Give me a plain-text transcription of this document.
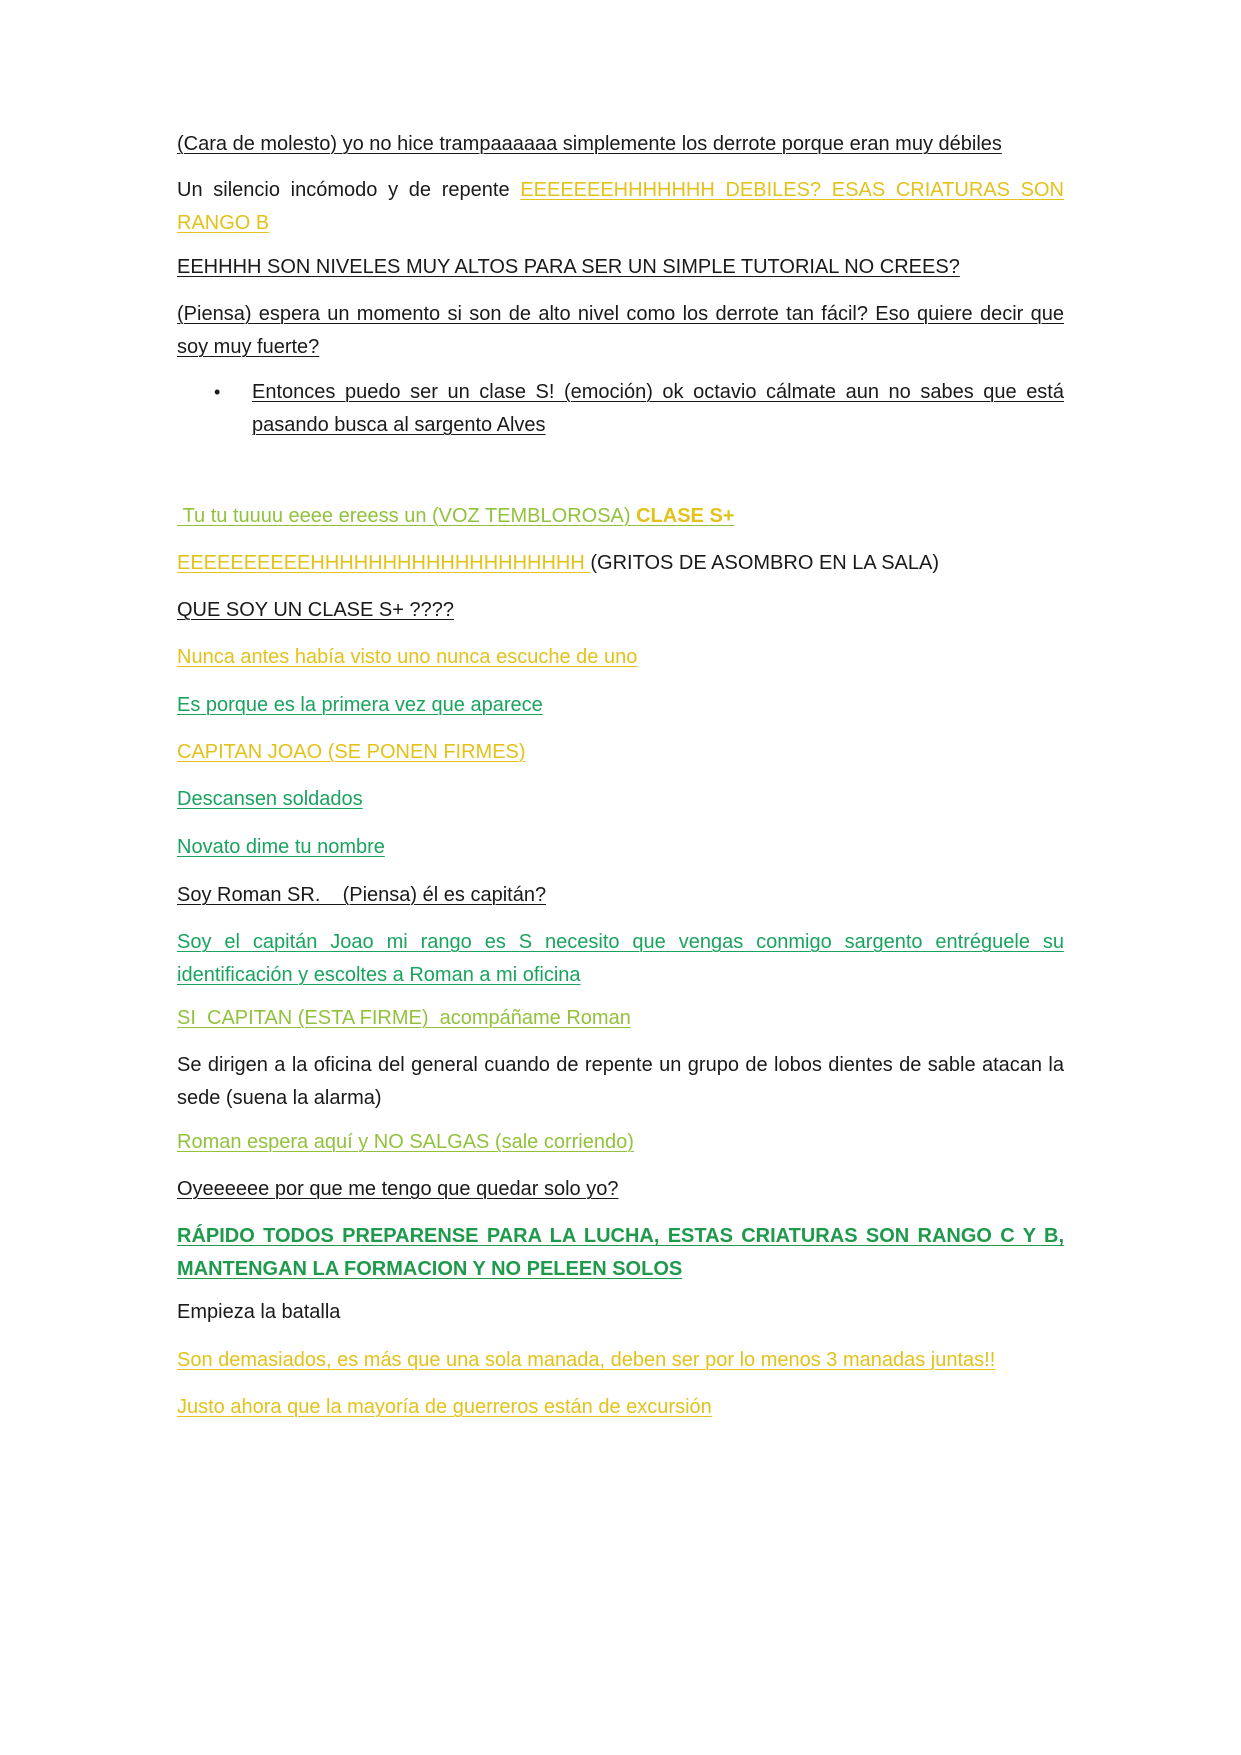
(Cara de molesto) yo no hice trampaaaaaa simplemente los derrote porque eran muy débiles

Un silencio incómodo y de repente EEEEEEEHHHHHHH DEBILES? ESAS CRIATURAS SON RANGO B

EEHHHH SON NIVELES MUY ALTOS PARA SER UN SIMPLE TUTORIAL NO CREES?

(Piensa) espera un momento si son de alto nivel como los derrote tan fácil? Eso quiere decir que soy muy fuerte?

• Entonces puedo ser un clase S! (emoción) ok octavio cálmate aun no sabes que está pasando busca al sargento Alves

Tu tu tuuuu eeee ereess un (VOZ TEMBLOROSA) CLASE S+

EEEEEEEEEEHHHHHHHHHHHHHHHHHHH (GRITOS DE ASOMBRO EN LA SALA)

QUE SOY UN CLASE S+ ????

Nunca antes había visto uno nunca escuche de uno

Es porque es la primera vez que aparece

CAPITAN JOAO (SE PONEN FIRMES)

Descansen soldados

Novato dime tu nombre

Soy Roman SR.    (Piensa) él es capitán?

Soy el capitán Joao mi rango es S necesito que vengas conmigo sargento entréguele su identificación y escoltes a Roman a mi oficina

SI  CAPITAN (ESTA FIRME)  acompáñame Roman

Se dirigen a la oficina del general cuando de repente un grupo de lobos dientes de sable atacan la sede (suena la alarma)

Roman espera aquí y NO SALGAS (sale corriendo)

Oyeeeeee por que me tengo que quedar solo yo?

RÁPIDO TODOS PREPARENSE PARA LA LUCHA, ESTAS CRIATURAS SON RANGO C Y B, MANTENGAN LA FORMACION Y NO PELEEN SOLOS

Empieza la batalla

Son demasiados, es más que una sola manada, deben ser por lo menos 3 manadas juntas!!

Justo ahora que la mayoría de guerreros están de excursión
